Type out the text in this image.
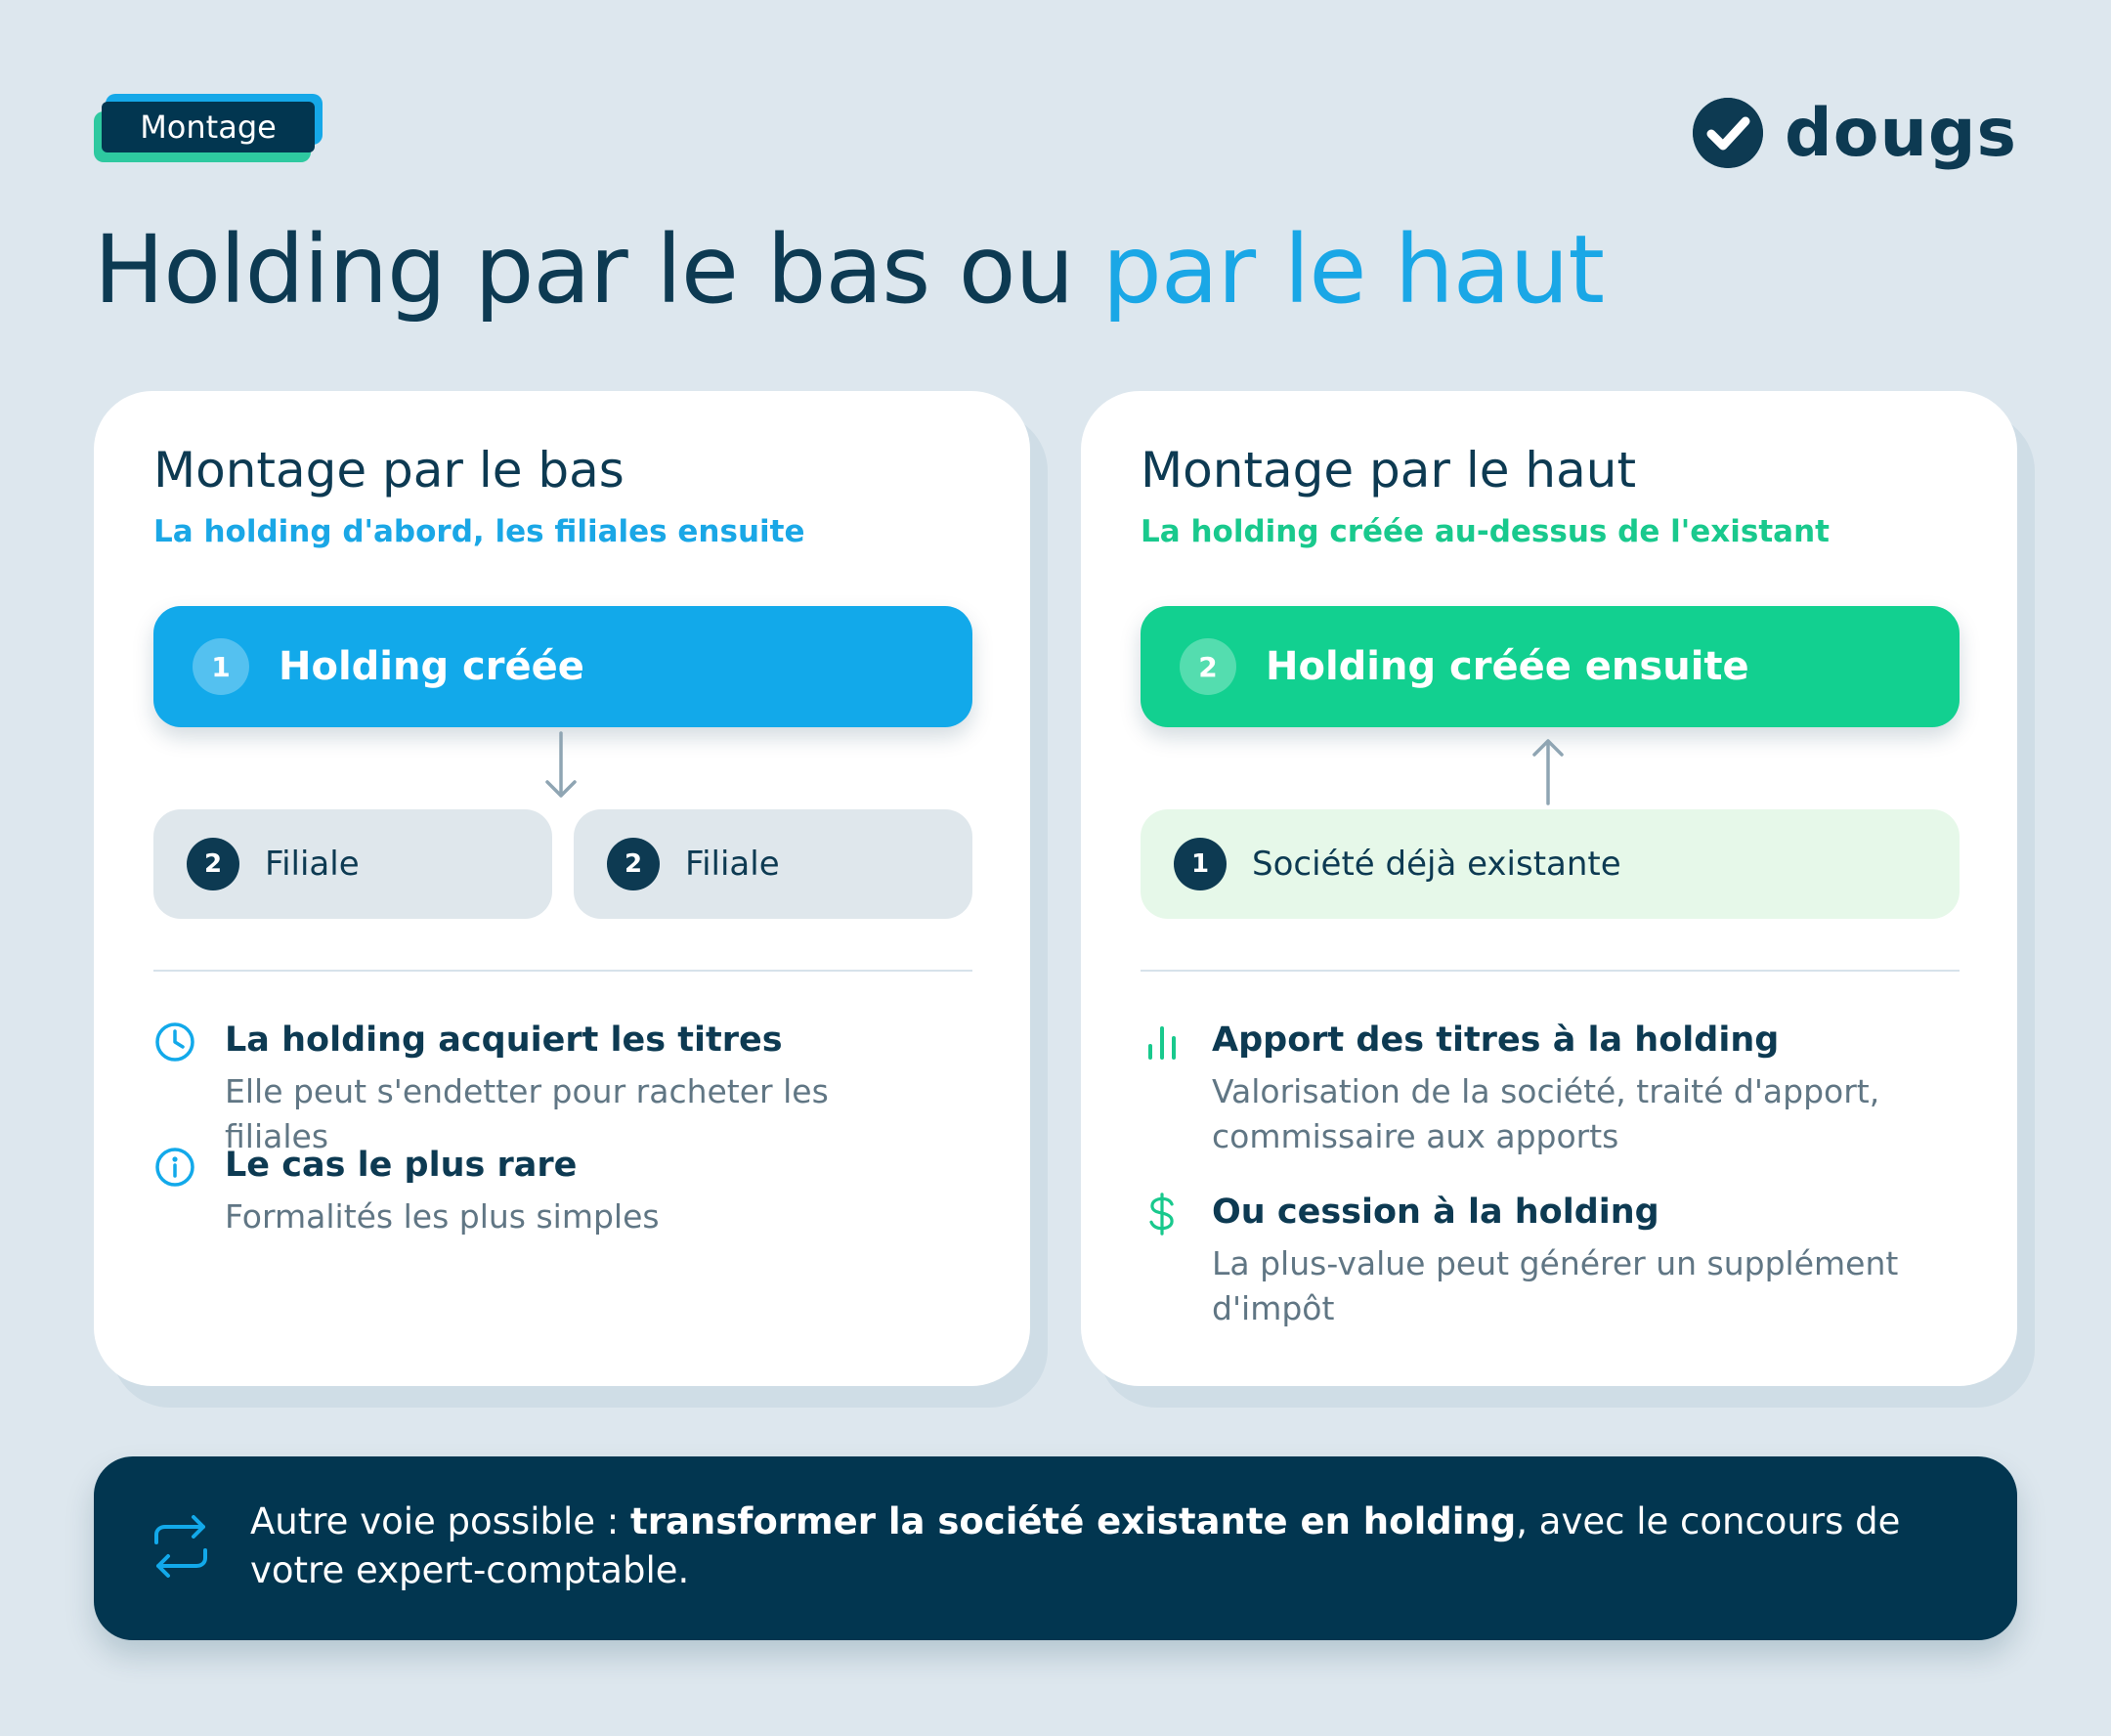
Montage	dougs
Holding par le bas ou par le haut
Montage par le bas
La holding d'abord, les filiales ensuite
1	Holding créée
2	Filiale	2	Filiale
La holding acquiert les titres
Elle peut s'endetter pour racheter les filiales
Le cas le plus rare
Formalités les plus simples
Montage par le haut
La holding créée au-dessus de l'existant
2	Holding créée ensuite
1	Société déjà existante
Apport des titres à la holding
Valorisation de la société, traité d'apport, commissaire aux apports
Ou cession à la holding
La plus-value peut générer un supplément d'impôt
Autre voie possible : transformer la société existante en holding, avec le concours de votre expert-comptable.
